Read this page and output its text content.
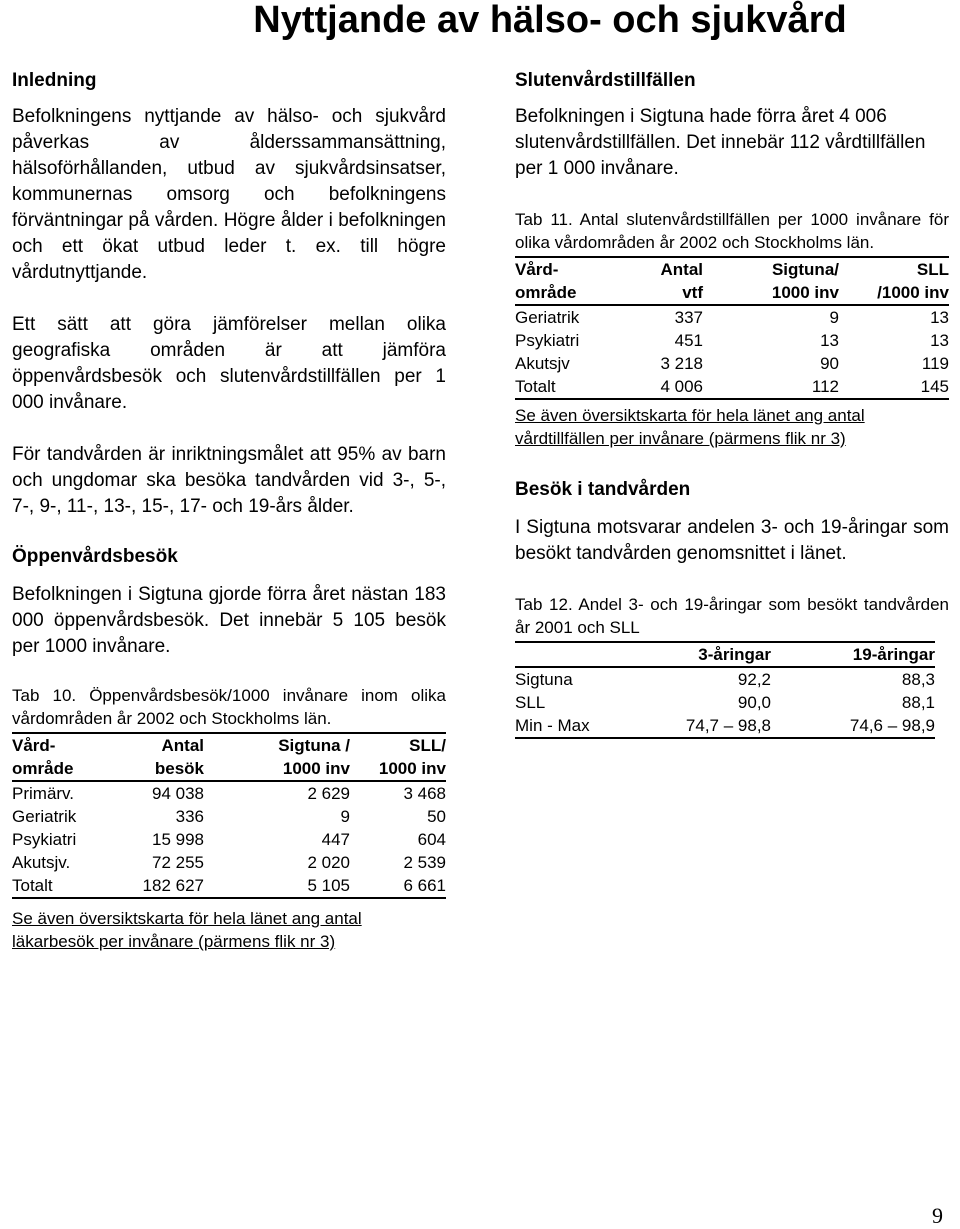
Nyttjande av hälso- och sjukvård
Inledning

Befolkningens nyttjande av hälso- och sjukvård påverkas av ålderssammansättning, hälsoförhållanden, utbud av sjukvårdsinsatser, kommunernas omsorg och befolkningens förväntningar på vården. Högre ålder i befolkningen och ett ökat utbud leder t. ex. till högre vårdutnyttjande.

Ett sätt att göra jämförelser mellan olika geografiska områden är att jämföra öppenvårdsbesök och slutenvårdstillfällen per 1 000 invånare.

För tandvården är inriktningsmålet att 95% av barn och ungdomar ska besöka tandvården vid 3-, 5-, 7-, 9-, 11-, 13-, 15-, 17- och 19-års ålder.

Öppenvårdsbesök

Befolkningen i Sigtuna gjorde förra året nästan 183 000 öppenvårdsbesök. Det innebär 5 105 besök per 1000 invånare.

Tab 10. Öppenvårdsbesök/1000 invånare inom olika vårdområden år 2002 och Stockholms län.

Vård-	Antal	Sigtuna /	SLL/
område	besök	1000 inv	1000 inv
Primärv.	94 038	2 629	3 468
Geriatrik	336	9	50
Psykiatri	15 998	447	604
Akutsjv.	72 255	2 020	2 539
Totalt	182 627	5 105	6 661

Se även översiktskarta för hela länet ang antal läkarbesök per invånare (pärmens flik nr 3)

Slutenvårdstillfällen

Befolkningen i Sigtuna hade förra året 4 006 slutenvårdstillfällen. Det innebär 112 vårdtillfällen per 1 000 invånare.

Tab 11. Antal slutenvårdstillfällen per 1000 invånare för olika vårdområden år 2002 och Stockholms län.

Vård-	Antal	Sigtuna/	SLL
område	vtf	1000 inv	/1000 inv
Geriatrik	337	9	13
Psykiatri	451	13	13
Akutsjv	3 218	90	119
Totalt	4 006	112	145

Se även översiktskarta för hela länet ang antal vårdtillfällen per invånare (pärmens flik nr 3)

Besök i tandvården

I Sigtuna motsvarar andelen 3- och 19-åringar som besökt tandvården genomsnittet i länet.

Tab 12. Andel 3- och 19-åringar som besökt tandvården år 2001 och SLL

	3-åringar	19-åringar
Sigtuna	92,2	88,3
SLL	90,0	88,1
Min - Max	74,7 – 98,8	74,6 – 98,9
9
